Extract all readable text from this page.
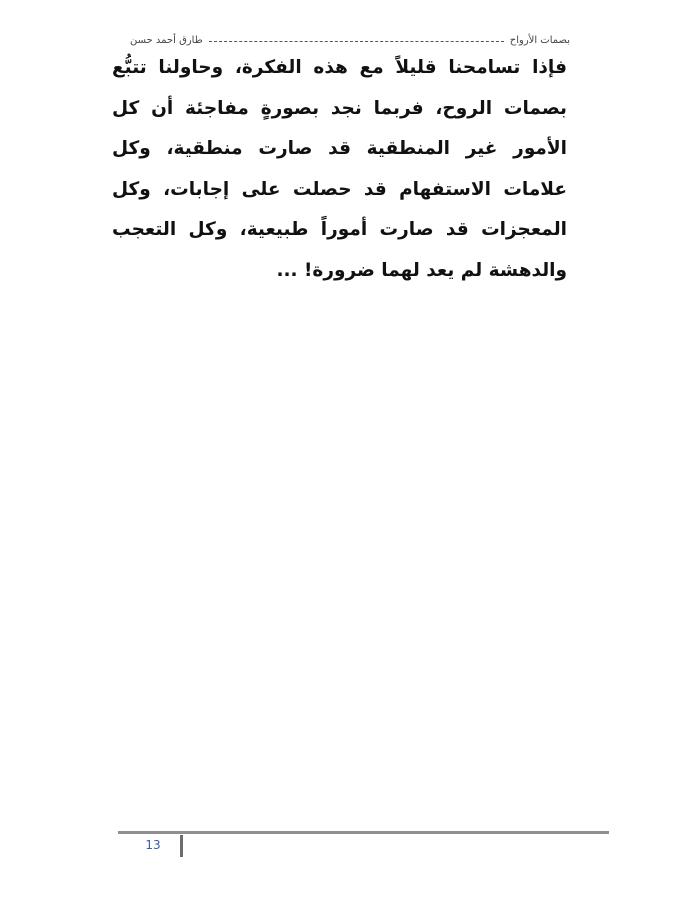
بصمات الأرواح
طارق أحمد حسن

فإذا تسامحنا قليلاً مع هذه الفكرة، وحاولنا تتبُّع بصمات الروح، فربما نجد بصورةٍ مفاجئة أن كل الأمور غير المنطقية قد صارت منطقية، وكل علامات الاستفهام قد حصلت على إجابات، وكل المعجزات قد صارت أموراً طبيعية، وكل التعجب والدهشة لم يعد لهما ضرورة! ...

13
